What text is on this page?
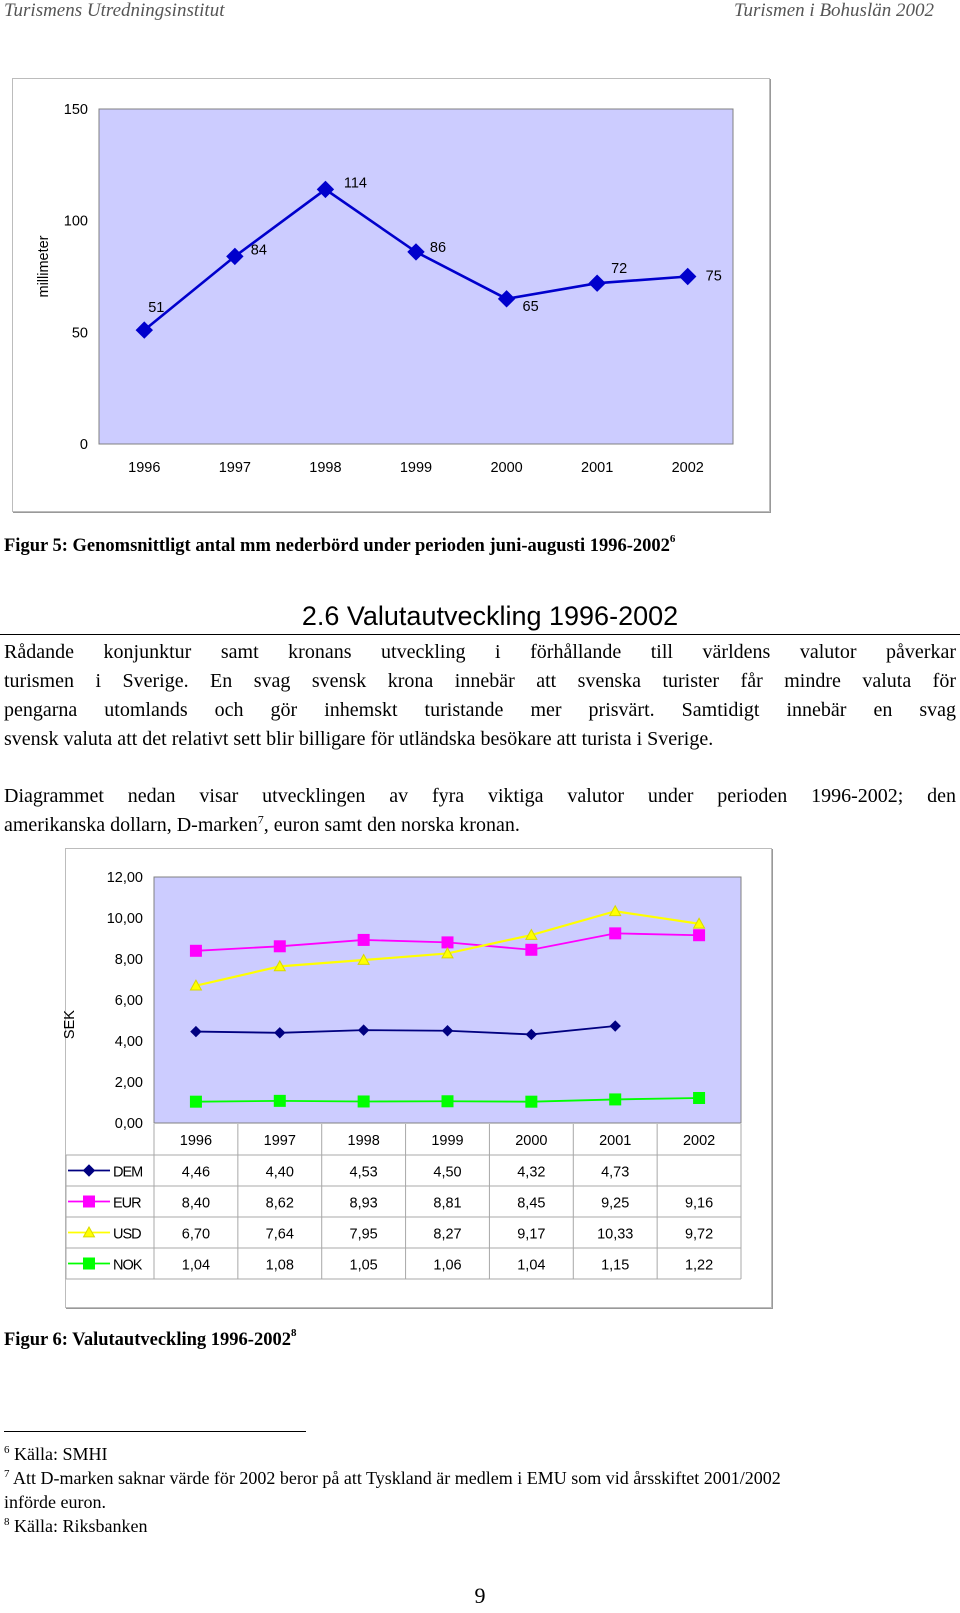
Turismens Utredningsinstitut	Turismen i Bohuslän 2002
0
50
100
150
1996	1997	1998	1999	2000	2001	2002
millimeter
51
84
114
86
65
72	75
Figur 5: Genomsnittligt antal mm nederbörd under perioden juni-augusti 1996-2002$^6$
2.6 Valutautveckling 1996-2002
Rådande konjunktur samt kronans utveckling i förhållande till världens valutor påverkar
turismen i Sverige. En svag svensk krona innebär att svenska turister får mindre valuta för
pengarna utomlands och gör inhemskt turistande mer prisvärt. Samtidigt innebär en svag
svensk valuta att det relativt sett blir billigare för utländska besökare att turista i Sverige.
Diagrammet nedan visar utvecklingen av fyra viktiga valutor under perioden 1996-2002; den
amerikanska dollarn, D-marken$^7$, euron samt den norska kronan.
0,00
2,00
4,00
6,00
8,00
10,00
12,00
SEK
1996	1997	1998	1999	2000	2001	2002
DEM	4,46	4,40	4,53	4,50	4,32	4,73
EUR	8,40	8,62	8,93	8,81	8,45	9,25	9,16
USD	6,70	7,64	7,95	8,27	9,17	10,33	9,72
NOK	1,04	1,08	1,05	1,06	1,04	1,15	1,22
Figur 6: Valutautveckling 1996-2002$^8$
$^6$ Källa: SMHI
$^7$ Att D-marken saknar värde för 2002 beror på att Tyskland är medlem i EMU som vid årsskiftet 2001/2002
införde euron.
$^8$ Källa: Riksbanken
9
